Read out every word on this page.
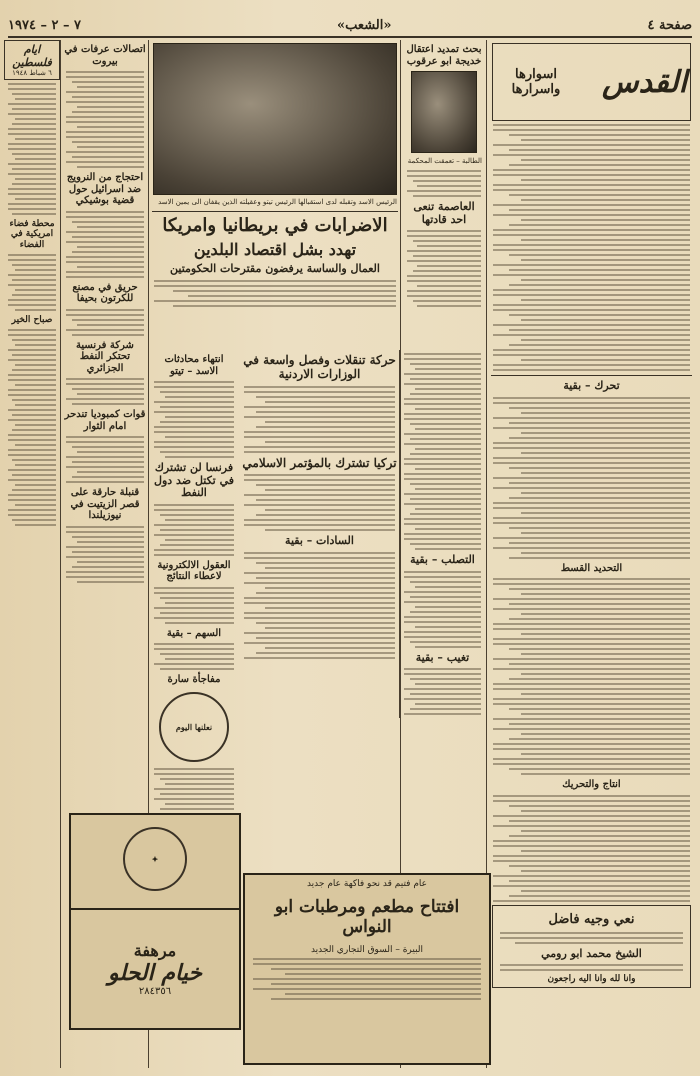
صفحة ٤
«الشعب»
٧ – ٢ – ١٩٧٤
القدس
اسوارها واسرارها
تحرك – بقية
التحديد القسط
انتاج والتحريك
نعي وجيه فاضل
الشيخ محمد ابو رومي
وانا لله وانا اليه راجعون
بحث تمديد اعتقال خديجة ابو عرقوب
الطالبة – تعمقت المحكمة
العاصمة تنعى احد قادتها
التصلب – بقية
تغيب – بقية
حركة تنقلات وفصل واسعة في الوزارات الاردنية
تركيا تشترك بالمؤتمر الاسلامي
السادات – بقية
عام فتيم قد نحو فاكهة عام جديد
افتتاح مطعم ومرطبات ابو النواس
البيرة – السوق التجاري الجديد
الرئيس الاسد وتقبله لدى استقبالها الرئيس تيتو وعقيلته الذين يقفان الى يمين الاسد
الاضرابات في بريطانيا وامريكا
تهدد بشل اقتصاد البلدين
العمال والساسة يرفضون مقترحات الحكومتين
انتهاء محادثات الاسد – تيتو
فرنسا لن تشترك في تكتل ضد دول النفط
العقول الالكترونية لاعطاء النتائج
السهم – بقية
مفاجأة سارة
نعلنها اليوم
اتصالات عرفات في بيروت
احتجاج من النرويج ضد اسرائيل حول قضية بوشيكي
حريق في مصنع للكرتون بحيفا
شركة فرنسية تحتكر النفط الجزائري
قوات كمبوديا تندحر امام الثوار
قنبلة حارقة على قصر الزيتيت في نيوزيلندا
ايام فلسطين
٦ شباط ١٩٤٨
محطة فضاء امريكية في الفضاء
صباح الخير
✦
مرهفة
خيام الحلو
٢٨٤٣٥٦
